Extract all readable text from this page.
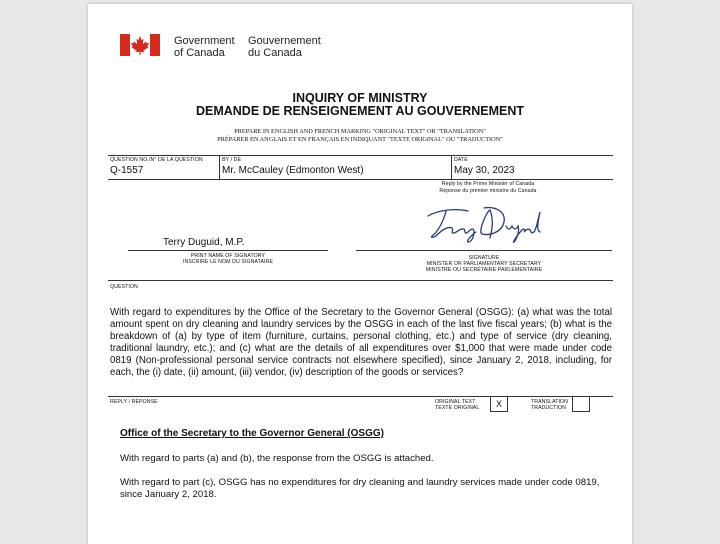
Government
of Canada
Gouvernement
du Canada
INQUIRY OF MINISTRY
DEMANDE DE RENSEIGNEMENT AU GOUVERNEMENT
PREPARE IN ENGLISH AND FRENCH MARKING "ORIGINAL TEXT" OR "TRANSLATION"
PRÉPARER EN ANGLAIS ET EN FRANÇAIS EN INDIQUANT "TEXTE ORIGINAL" OU "TRADUCTION"
QUESTION NO./N° DE LA QUESTION	BY / DE	DATE
Q-1557	Mr. McCauley (Edmonton West)	May 30, 2023
Reply by the Prime Minister of Canada
Réponse du premier ministre du Canada
Terry Duguid, M.P.
PRINT NAME OF SIGNATORY
INSCRIRE LE NOM DU SIGNATAIRE
SIGNATURE
MINISTER OR PARLIAMENTARY SECRETARY
MINISTRE OU SECRÉTAIRE PARLEMENTAIRE
QUESTION
With regard to expenditures by the Office of the Secretary to the Governor General (OSGG): (a) what was the total amount spent on dry cleaning and laundry services by the OSGG in each of the last five fiscal years; (b) what is the breakdown of (a) by type of item (furniture, curtains, personal clothing, etc.) and type of service (dry cleaning, traditional laundry, etc.); and (c) what are the details of all expenditures over $1,000 that were made under code 0819 (Non-professional personal service contracts not elsewhere specified), since January 2, 2018, including, for each, the (i) date, (ii) amount, (iii) vendor, (iv) description of the goods or services?
REPLY / RÉPONSE	ORIGINAL TEXT
TEXTE ORIGINAL	X	TRANSLATION
TRADUCTION
Office of the Secretary to the Governor General (OSGG)
With regard to parts (a) and (b), the response from the OSGG is attached.
With regard to part (c), OSGG has no expenditures for dry cleaning and laundry services made under code 0819, since January 2, 2018.
